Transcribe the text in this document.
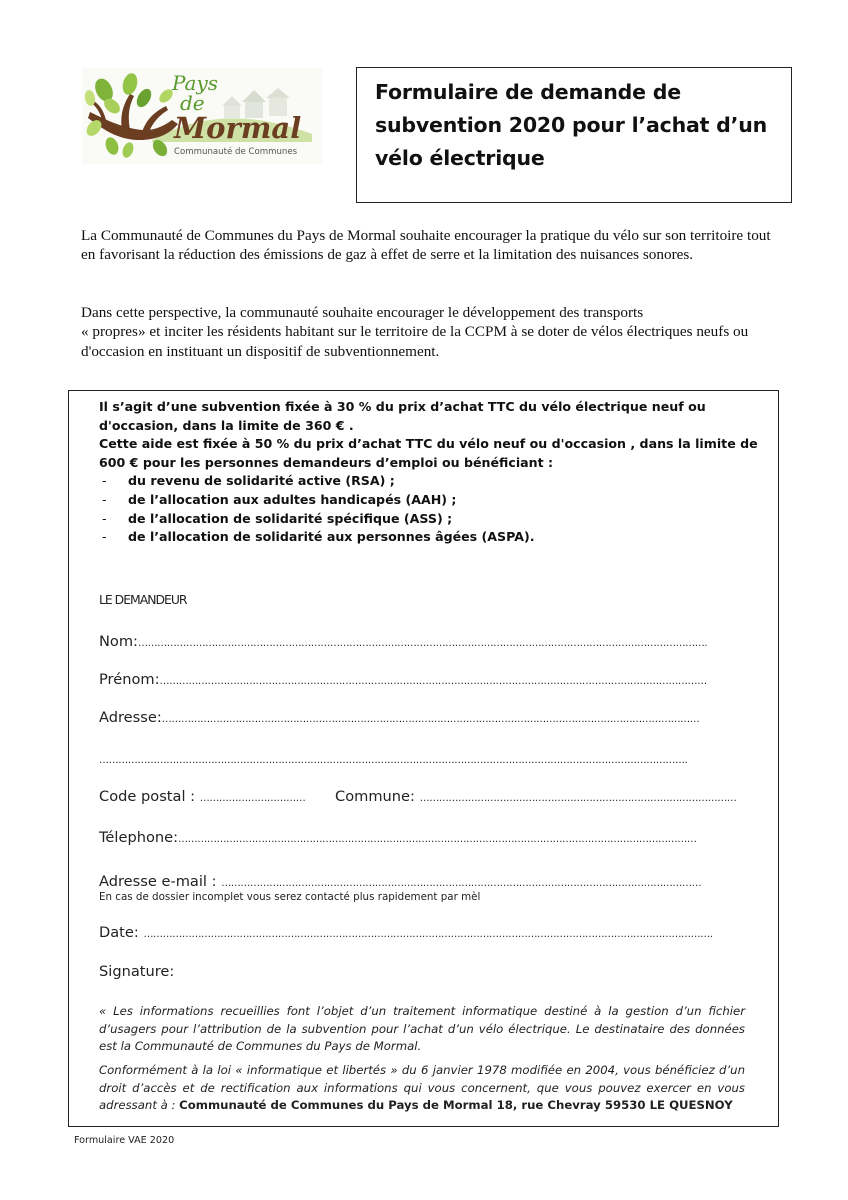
Pays
de
Mormal
Communauté de Communes
Formulaire de demande de subvention 2020 pour l’achat d’un vélo électrique

La Communauté de Communes du Pays de Mormal souhaite encourager la pratique du vélo sur son territoire tout en favorisant la réduction des émissions de gaz à effet de serre et la limitation des nuisances sonores.

Dans cette perspective, la communauté souhaite encourager le développement des transports
« propres» et inciter les résidents habitant sur le territoire de la CCPM à se doter de vélos électriques neufs ou d'occasion en instituant un dispositif de subventionnement.

Il s’agit d’une subvention fixée à 30 % du prix d’achat TTC du vélo électrique neuf ou d'occasion, dans la limite de 360 € .

Cette aide est fixée à 50 % du prix d’achat TTC du vélo neuf ou d'occasion , dans la limite de 600 € pour les personnes demandeurs d’emploi ou bénéficiant :

- du revenu de solidarité active (RSA) ;
- de l’allocation aux adultes handicapés (AAH) ;
- de l’allocation de solidarité spécifique (ASS) ;
- de l’allocation de solidarité aux personnes âgées (ASPA).
LE DEMANDEUR
Nom:…………………………………………………………………………………………………………………………………………………………….
Prénom:………………………………………………………………………………………………………………………………………………………
Adresse:……………………………………………………………………………………………………………………………………………………
………………………………………………………………………………………………………………………………………………………………….
Code postal : …………………………… Commune: ………………………………………………………………………………………
Télephone:………………………………………………………………………………………………………………………………………………
Adresse e-mail : ……………………………………………………………………………………………………………………………………
En cas de dossier incomplet vous serez contacté plus rapidement par mèl
Date: …………………………………………………………………………………………………………………………………………………………….
Signature:

« Les informations recueillies font l’objet d’un traitement informatique destiné à la gestion d’un fichier d’usagers pour l’attribution de la subvention pour l’achat d’un vélo électrique. Le destinataire des données est la Communauté de Communes du Pays de Mormal.

Conformément à la loi « informatique et libertés » du 6 janvier 1978 modifiée en 2004, vous bénéficiez d’un droit d’accès et de rectification aux informations qui vous concernent, que vous pouvez exercer en vous adressant à : Communauté de Communes du Pays de Mormal 18, rue Chevray 59530 LE QUESNOY

Formulaire VAE 2020
